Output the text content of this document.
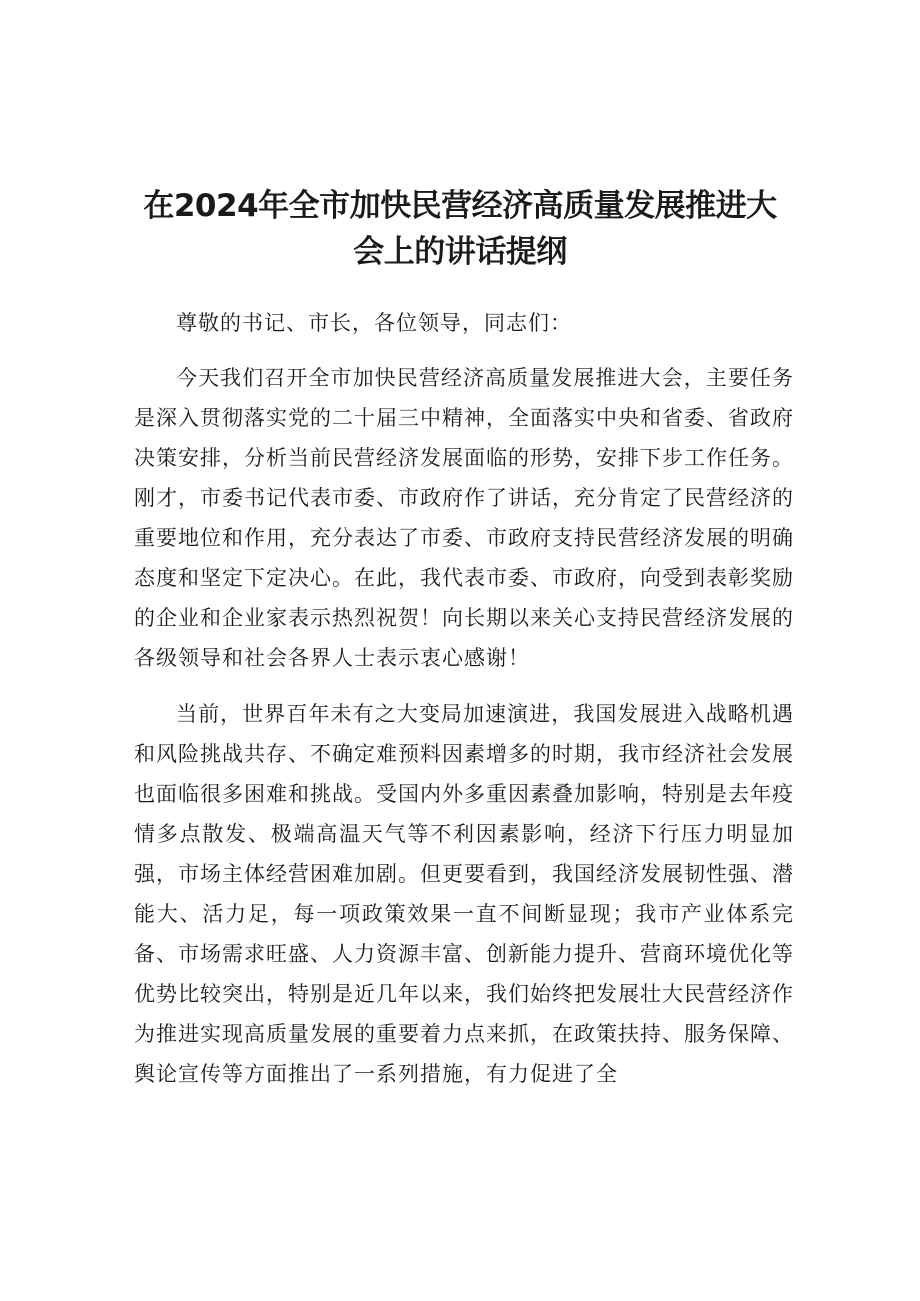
在2024年全市加快民营经济高质量发展推进大
会上的讲话提纲

尊敬的书记、市长，各位领导，同志们：

今天我们召开全市加快民营经济高质量发展推进大会，主要任务是深入贯彻落实党的二十届三中精神，全面落实中央和省委、省政府决策安排，分析当前民营经济发展面临的形势，安排下步工作任务。刚才，市委书记代表市委、市政府作了讲话，充分肯定了民营经济的重要地位和作用，充分表达了市委、市政府支持民营经济发展的明确态度和坚定下定决心。在此，我代表市委、市政府，向受到表彰奖励的企业和企业家表示热烈祝贺！向长期以来关心支持民营经济发展的各级领导和社会各界人士表示衷心感谢！

当前，世界百年未有之大变局加速演进，我国发展进入战略机遇和风险挑战共存、不确定难预料因素增多的时期，我市经济社会发展也面临很多困难和挑战。受国内外多重因素叠加影响，特别是去年疫情多点散发、极端高温天气等不利因素影响，经济下行压力明显加强，市场主体经营困难加剧。但更要看到，我国经济发展韧性强、潜能大、活力足，每一项政策效果一直不间断显现；我市产业体系完备、市场需求旺盛、人力资源丰富、创新能力提升、营商环境优化等优势比较突出，特别是近几年以来，我们始终把发展壮大民营经济作为推进实现高质量发展的重要着力点来抓，在政策扶持、服务保障、舆论宣传等方面推出了一系列措施，有力促进了全
